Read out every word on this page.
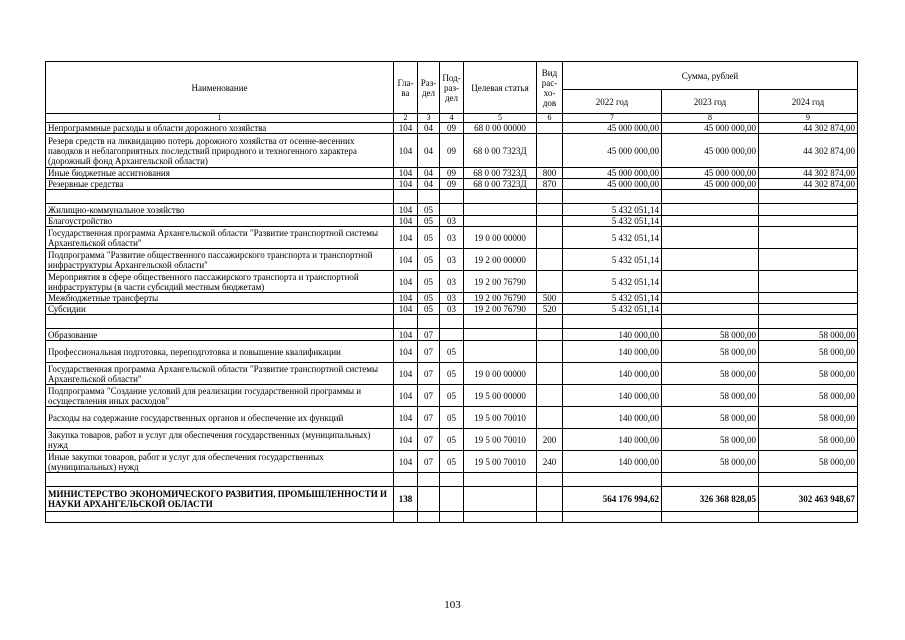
Наименование	Гла-ва	Раз-дел	Под-раз-дел	Целевая статья	Вид рас-хо-дов	Сумма, рублей		
						2022 год	2023 год	2024 год
1	2	3	4	5	6	7	8	9
Непрограммные расходы в области дорожного хозяйства	104	04	09	68 0 00 00000		45 000 000,00	45 000 000,00	44 302 874,00
Резерв средств на ликвидацию потерь дорожного хозяйства от осенне-весенних паводков и неблагоприятных последствий природного и техногенного характера (дорожный фонд Архангельской области)	104	04	09	68 0 00 7323Д		45 000 000,00	45 000 000,00	44 302 874,00
Иные бюджетные ассигнования	104	04	09	68 0 00 7323Д	800	45 000 000,00	45 000 000,00	44 302 874,00
Резервные средства	104	04	09	68 0 00 7323Д	870	45 000 000,00	45 000 000,00	44 302 874,00

Жилищно-коммунальное хозяйство	104	05				5 432 051,14		
Благоустройство	104	05	03			5 432 051,14		
Государственная программа Архангельской области "Развитие транспортной системы Архангельской области"	104	05	03	19 0 00 00000		5 432 051,14		
Подпрограмма "Развитие общественного пассажирского транспорта и транспортной инфраструктуры Архангельской области"	104	05	03	19 2 00 00000		5 432 051,14		
Мероприятия в сфере общественного пассажирского транспорта и транспортной инфраструктуры (в части субсидий местным бюджетам)	104	05	03	19 2 00 76790		5 432 051,14		
Межбюджетные трансферты	104	05	03	19 2 00 76790	500	5 432 051,14		
Субсидии	104	05	03	19 2 00 76790	520	5 432 051,14		

Образование	104	07				140 000,00	58 000,00	58 000,00
Профессиональная подготовка, переподготовка и повышение квалификации	104	07	05			140 000,00	58 000,00	58 000,00
Государственная программа Архангельской области "Развитие транспортной системы Архангельской области"	104	07	05	19 0 00 00000		140 000,00	58 000,00	58 000,00
Подпрограмма "Создание условий для реализации государственной программы и осуществления иных расходов"	104	07	05	19 5 00 00000		140 000,00	58 000,00	58 000,00
Расходы на содержание государственных органов и обеспечение их функций	104	07	05	19 5 00 70010		140 000,00	58 000,00	58 000,00
Закупка товаров, работ и услуг для обеспечения государственных (муниципальных) нужд	104	07	05	19 5 00 70010	200	140 000,00	58 000,00	58 000,00
Иные закупки товаров, работ и услуг для обеспечения государственных (муниципальных) нужд	104	07	05	19 5 00 70010	240	140 000,00	58 000,00	58 000,00

МИНИСТЕРСТВО ЭКОНОМИЧЕСКОГО РАЗВИТИЯ, ПРОМЫШЛЕННОСТИ И НАУКИ АРХАНГЕЛЬСКОЙ ОБЛАСТИ	138					564 176 994,62	326 368 828,05	302 463 948,67

103
